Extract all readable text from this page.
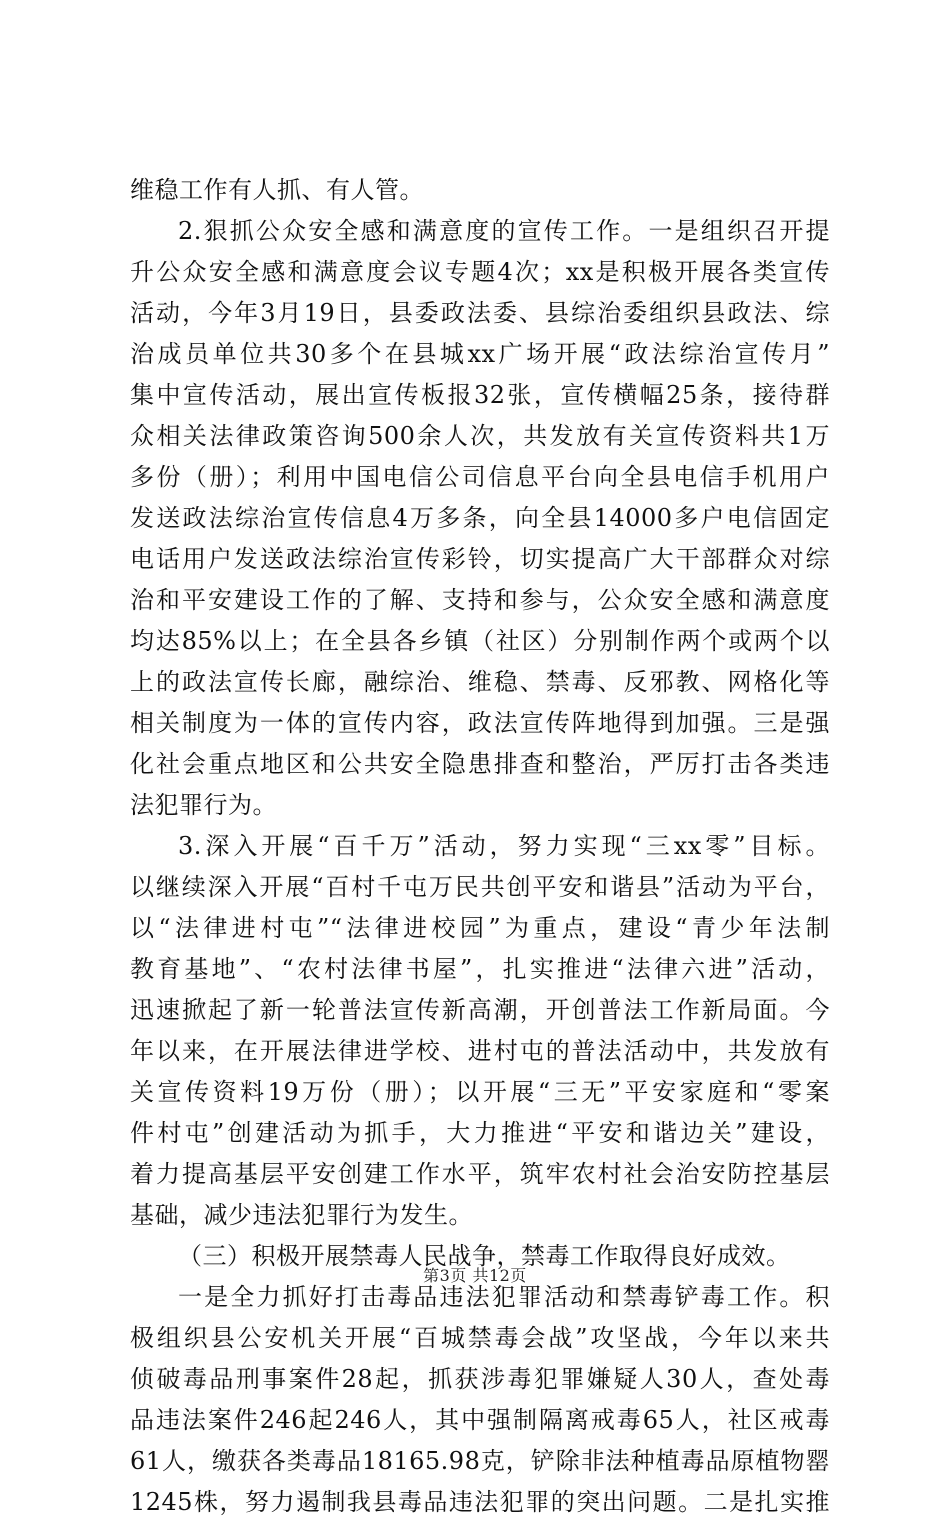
维稳工作有人抓、有人管。
2.狠抓公众安全感和满意度的宣传工作。一是组织召开提
升公众安全感和满意度会议专题4次；xx是积极开展各类宣传
活动，今年3月19日，县委政法委、县综治委组织县政法、综
治成员单位共30多个在县城xx广场开展“政法综治宣传月”
集中宣传活动，展出宣传板报32张，宣传横幅25条，接待群
众相关法律政策咨询500余人次，共发放有关宣传资料共1万
多份（册）；利用中国电信公司信息平台向全县电信手机用户
发送政法综治宣传信息4万多条，向全县14000多户电信固定
电话用户发送政法综治宣传彩铃，切实提高广大干部群众对综
治和平安建设工作的了解、支持和参与，公众安全感和满意度
均达85%以上；在全县各乡镇（社区）分别制作两个或两个以
上的政法宣传长廊，融综治、维稳、禁毒、反邪教、网格化等
相关制度为一体的宣传内容，政法宣传阵地得到加强。三是强
化社会重点地区和公共安全隐患排查和整治，严厉打击各类违
法犯罪行为。
3.深入开展“百千万”活动，努力实现“三xx零”目标。
以继续深入开展“百村千屯万民共创平安和谐县”活动为平台，
以“法律进村屯”“法律进校园”为重点，建设“青少年法制
教育基地”、“农村法律书屋”，扎实推进“法律六进”活动，
迅速掀起了新一轮普法宣传新高潮，开创普法工作新局面。今
年以来，在开展法律进学校、进村屯的普法活动中，共发放有
关宣传资料19万份（册）；以开展“三无”平安家庭和“零案
件村屯”创建活动为抓手，大力推进“平安和谐边关”建设，
着力提高基层平安创建工作水平，筑牢农村社会治安防控基层
基础，减少违法犯罪行为发生。
（三）积极开展禁毒人民战争，禁毒工作取得良好成效。
一是全力抓好打击毒品违法犯罪活动和禁毒铲毒工作。积
极组织县公安机关开展“百城禁毒会战”攻坚战，今年以来共
侦破毒品刑事案件28起，抓获涉毒犯罪嫌疑人30人，查处毒
品违法案件246起246人，其中强制隔离戒毒65人，社区戒毒
61人，缴获各类毒品18165.98克，铲除非法种植毒品原植物罂
1245株，努力遏制我县毒品违法犯罪的突出问题。二是扎实推
第3页 共12页
